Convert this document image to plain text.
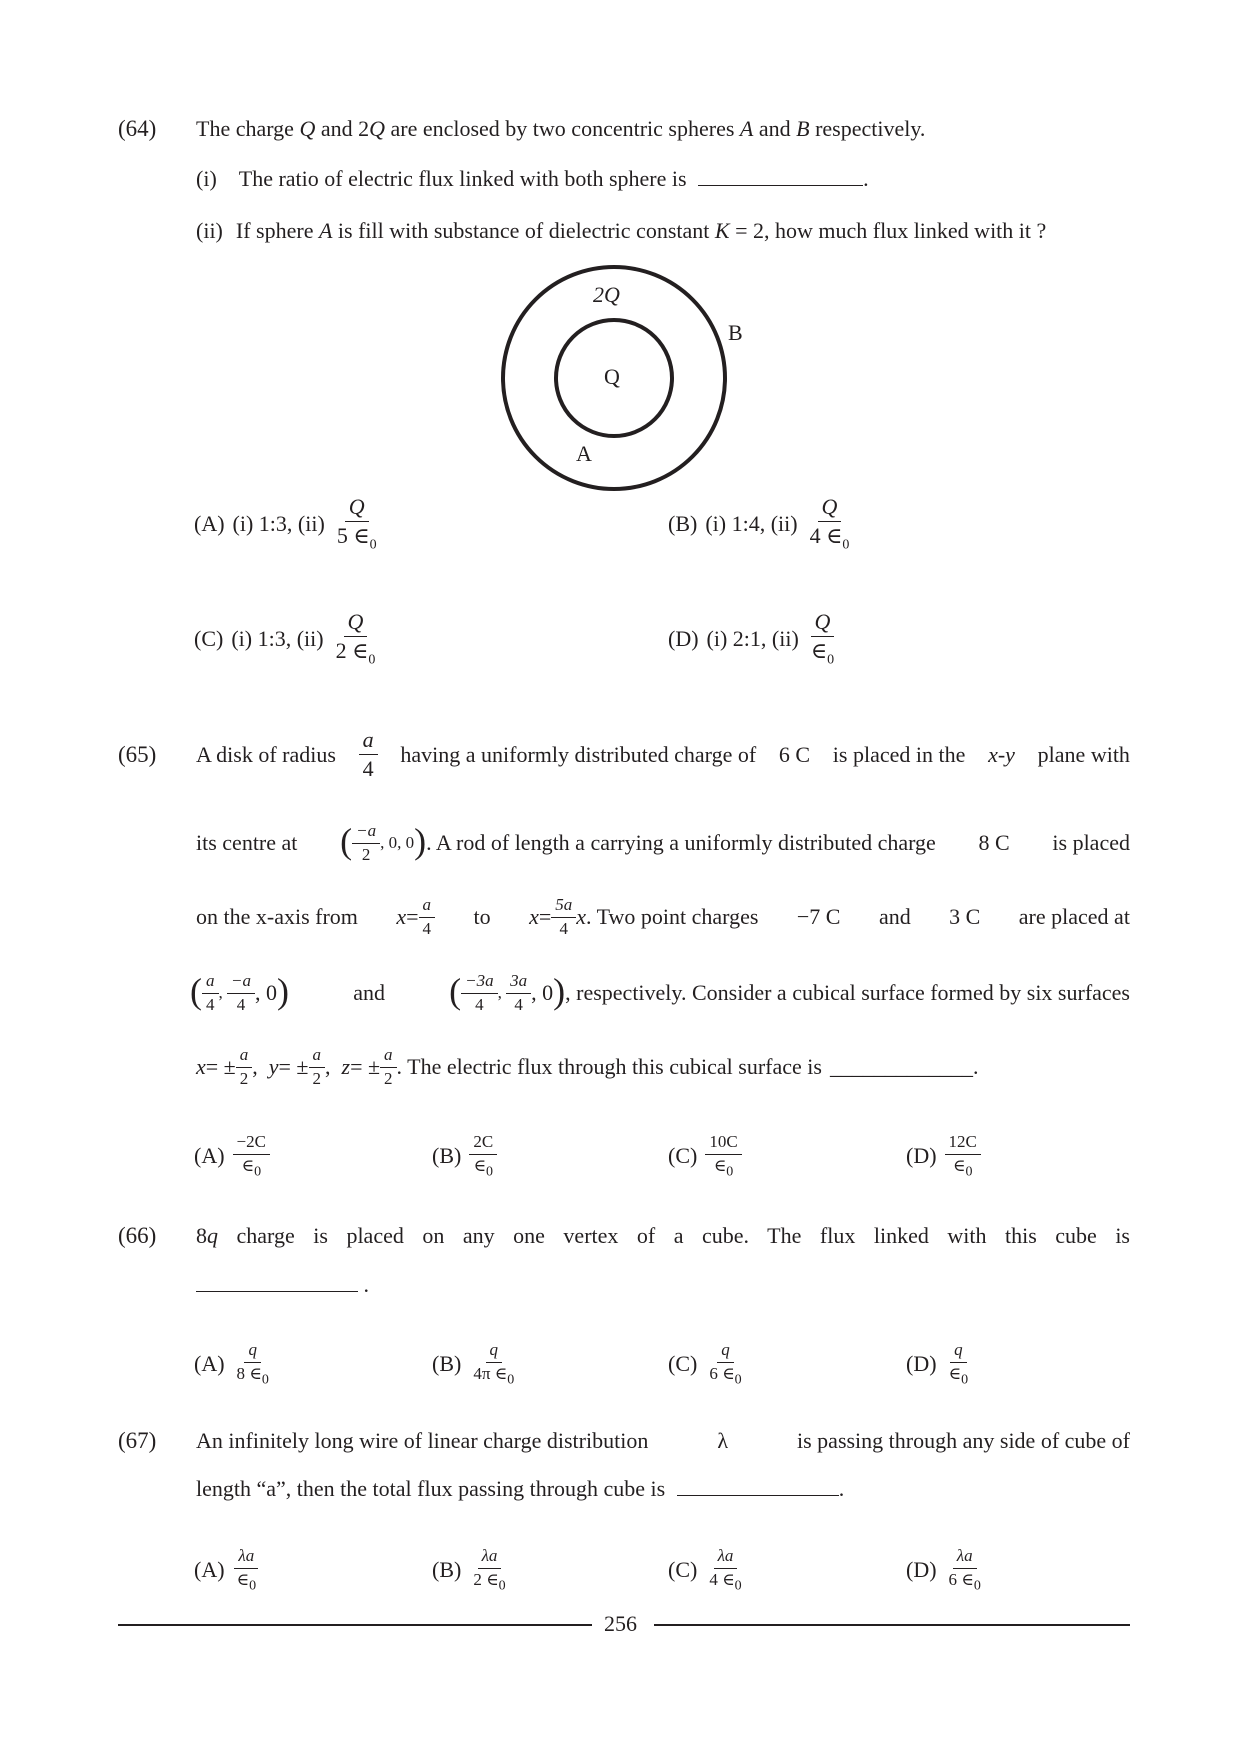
(64) The charge Q and 2Q are enclosed by two concentric spheres A and B respectively.
(i) The ratio of electric flux linked with both sphere is	.
(ii) If sphere A is fill with substance of dielectric constant K = 2, how much flux linked with it ?
2Q
Q
A
B
(A) (i) 1:3, $(ii) \frac{Q}{5 \in_0}$	(B) (i) 1:4, $(ii) \frac{Q}{4 \in_0}$
(C) (i) 1:3, $(ii) \frac{Q}{2 \in_0}$	(D) (i) 2:1, $(ii) \frac{Q}{\in_0}$
(65) A disk of radius $\frac{a}{4}$ having a uniformly distributed charge of 6 C is placed in the x-y plane with
its centre at ( $\frac{-a}{2}$ , 0, 0 ) . A rod of length a carrying a uniformly distributed charge 8 C is placed
on the x-axis from $x = \frac{a}{4}$ to $x = \frac{5a}{4}$ x . Two point charges −7 C and 3 C are placed at
( $\frac{a}{4}$ , $\frac{-a}{4}$ , 0 )	and ( $\frac{-3a}{4}$ , $\frac{3a}{4}$ , 0 ) , respectively. Consider a cubical surface formed by six surfaces
x = ± $\frac{a}{2}$ , y = ± $\frac{a}{2}$ , z = ± $\frac{a}{2}$ . The electric flux through this cubical surface is _____________ .
$(A) \frac{-2C}{\in_0}$	$(B) \frac{2C}{\in_0}$	$(C) \frac{10C}{\in_0}$	$(D) \frac{12C}{\in_0}$
(66) 8q charge is placed on any one vertex of a cube. The flux linked with this cube is
.
$(A) \frac{q}{8 \in_0}$	$(B) \frac{q}{4\pi \in_0}$	$(C) \frac{q}{6 \in_0}$	$(D) \frac{q}{\in_0}$
(67) An infinitely long wire of linear charge distribution	λ	is passing through any side of cube of
length “a”, then the total flux passing through cube is	.
$(A) \frac{\lambda a}{\in_0}$	$(B) \frac{\lambda a}{2 \in_0}$	$(C) \frac{\lambda a}{4 \in_0}$	$(D) \frac{\lambda a}{6 \in_0}$
256
